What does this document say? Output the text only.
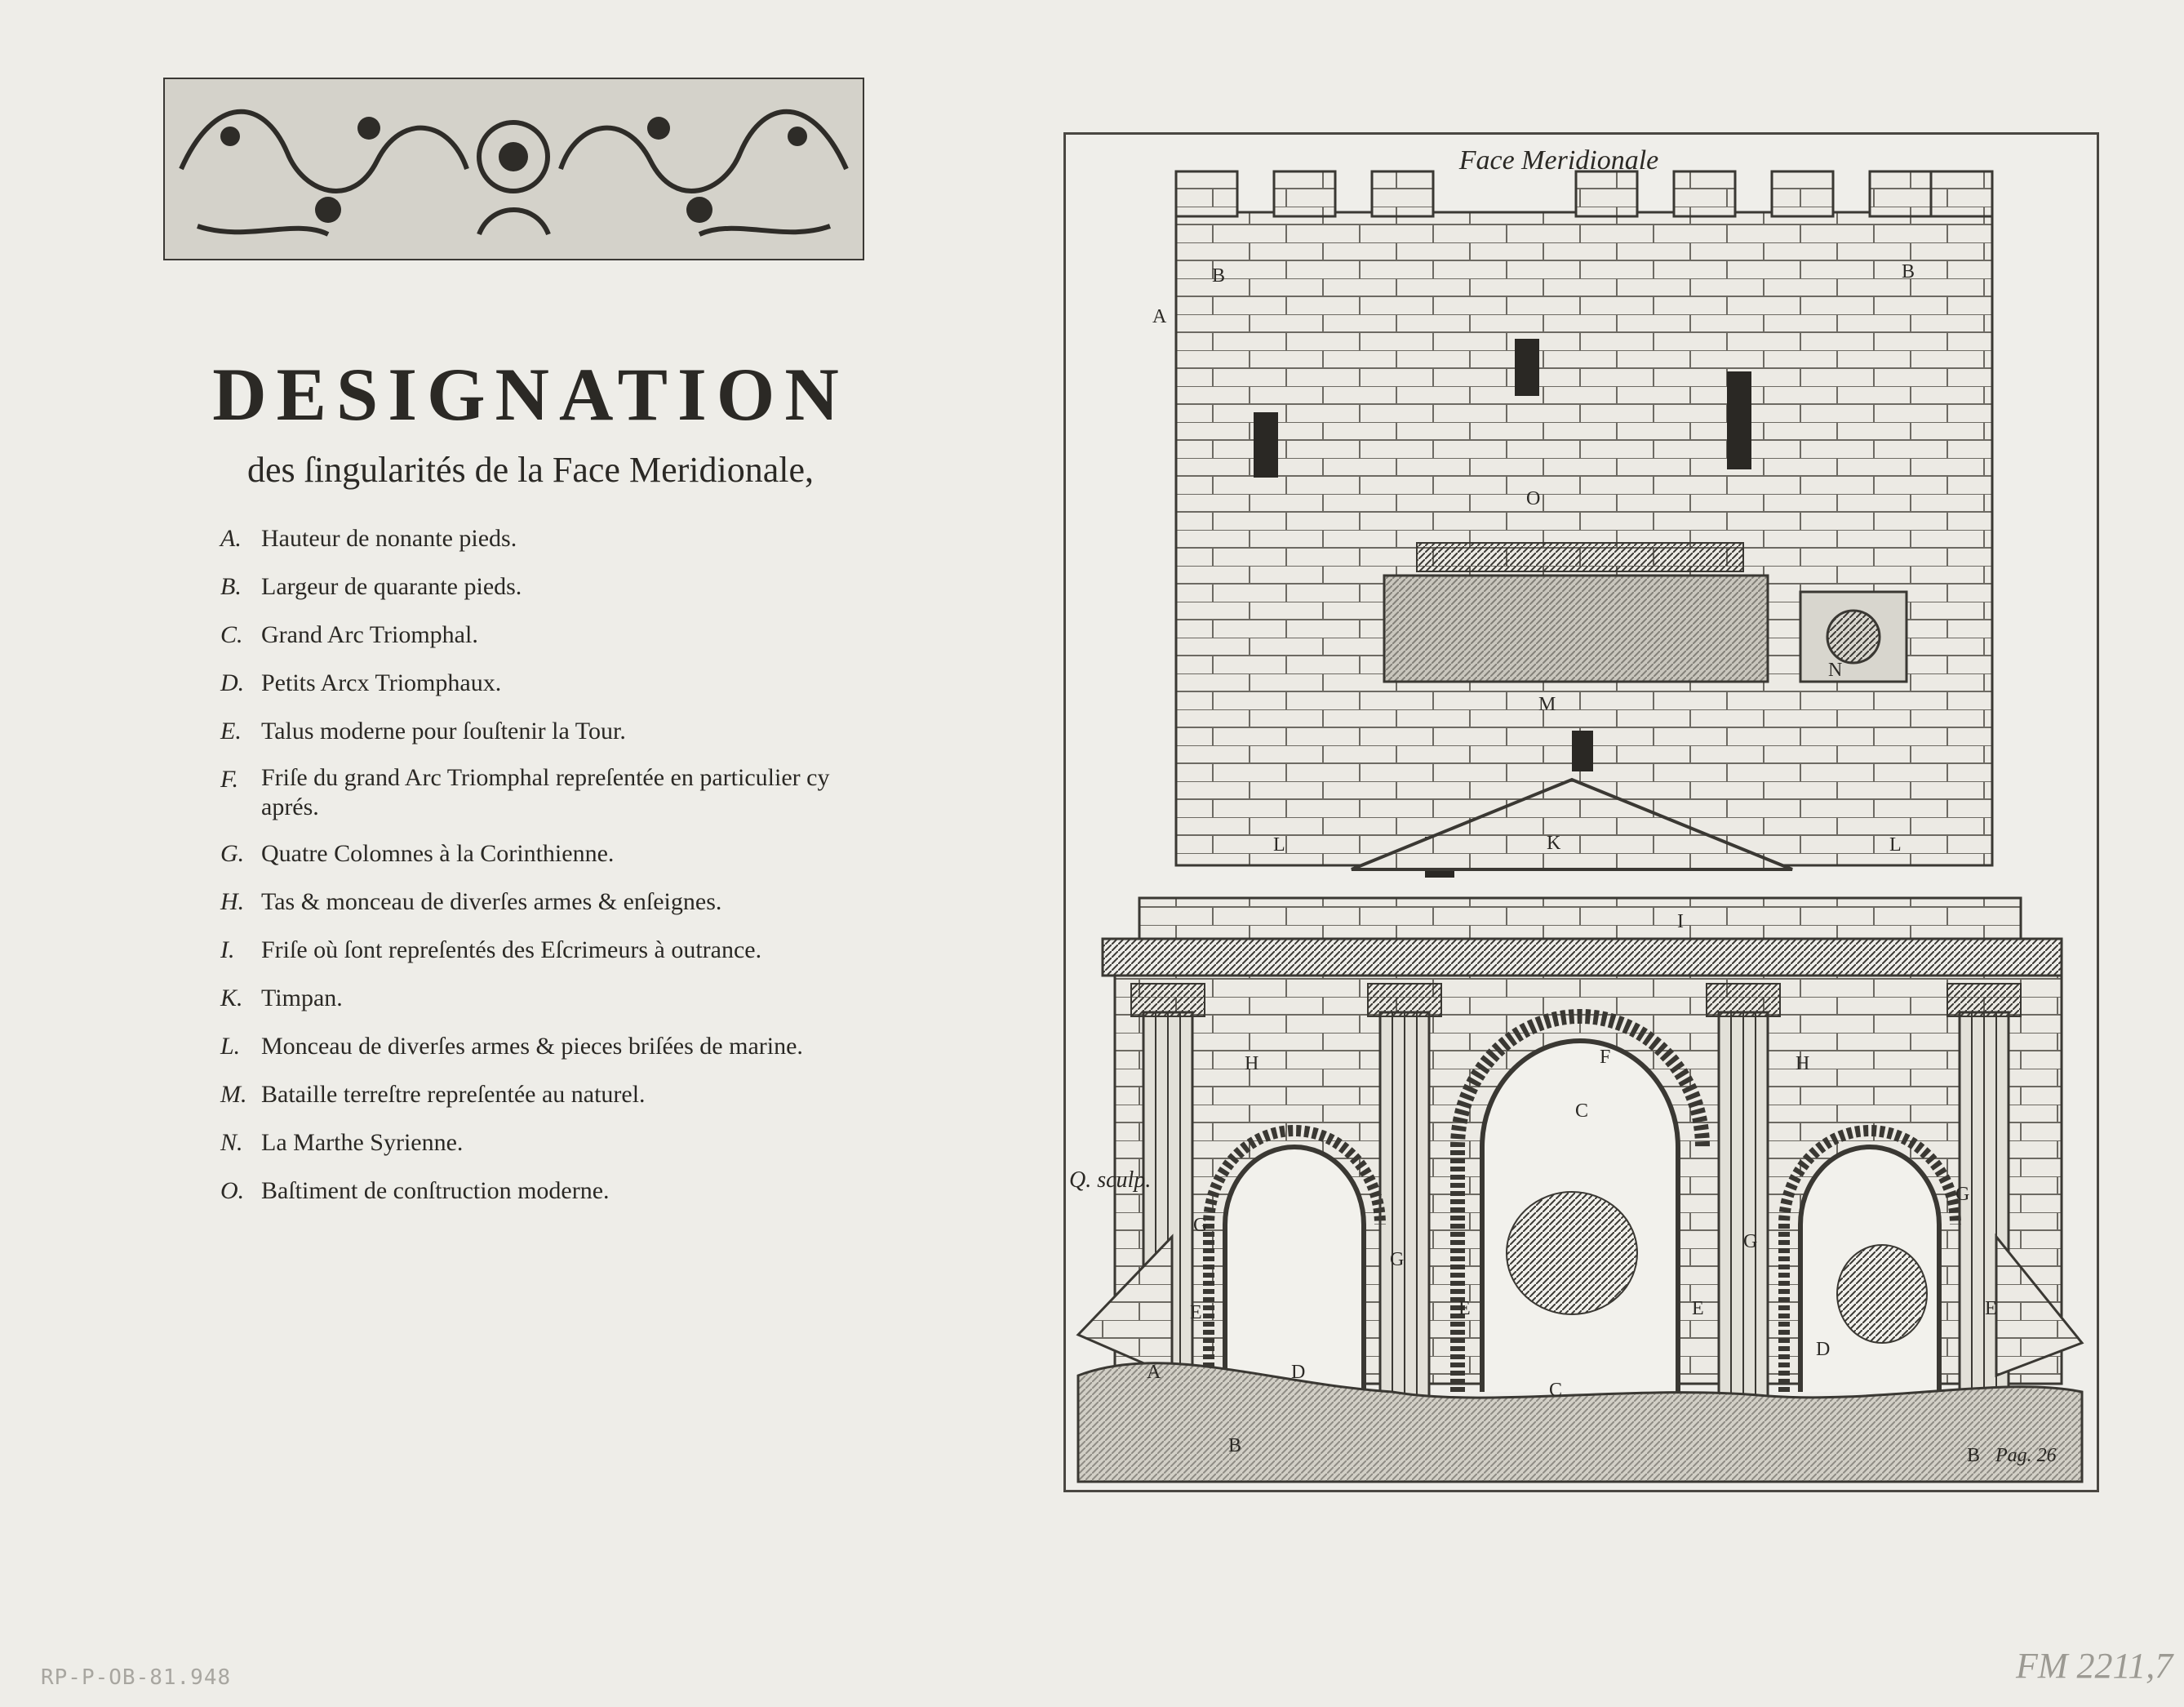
DESIGNATION
des ſingularités de la Face Meridionale,
A. Hauteur de nonante pieds.
B. Largeur de quarante pieds.
C. Grand Arc Triomphal.
D. Petits Arcx Triomphaux.
E. Talus moderne pour ſouſtenir la Tour.
F. Friſe du grand Arc Triomphal repreſentée en particulier cy aprés.
G. Quatre Colomnes à la Corinthienne.
H. Tas & monceau de diverſes armes & enſeignes.
I.	Friſe où ſont repreſentés des Eſcrimeurs à outrance.
K. Timpan.
L. Monceau de diverſes armes & pieces briſées de marine.
M. Bataille terreſtre repreſentée au naturel.
N. La Marthe Syrienne.
O. Baſtiment de conſtruction moderne.
Face Meridionale
Pag. 26
Q. sculp.
A
B	B
O
N
M
K
L	L
I
H	H
F
C
C
G
G
G
G
E	E	E	E
D
D
B	B
A
RP-P-OB-81.948	FM 2211,7
